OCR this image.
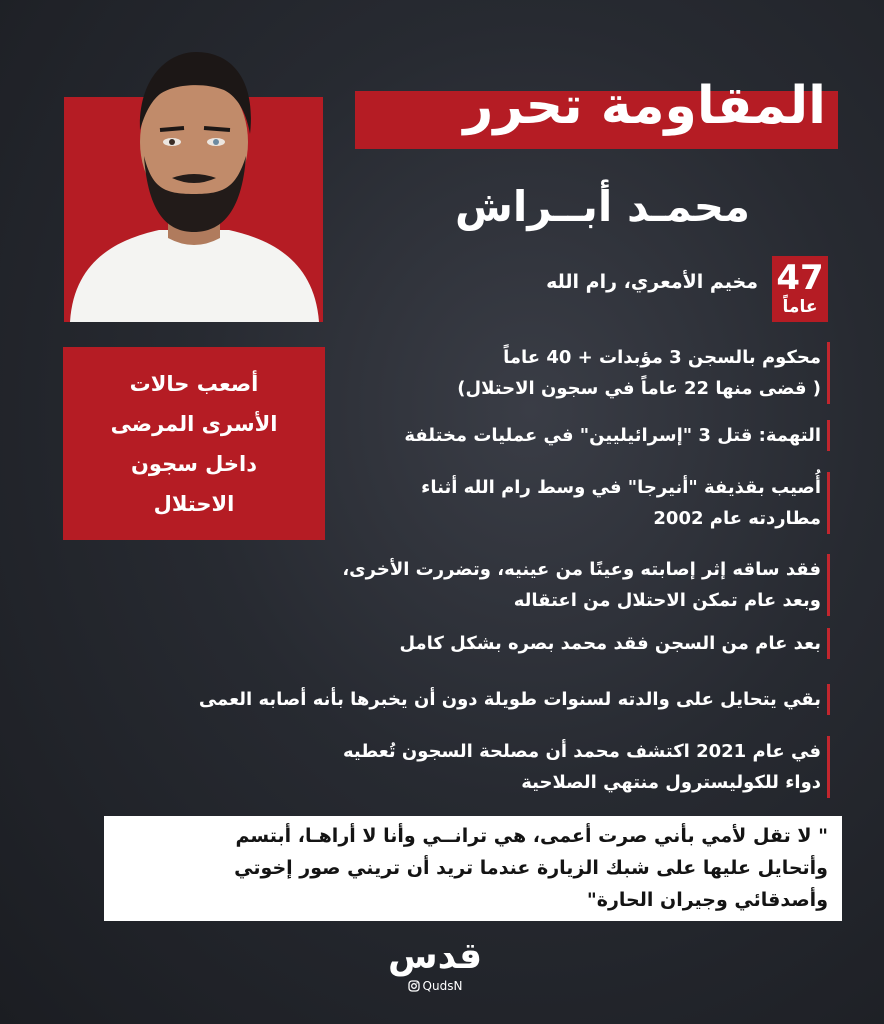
المقاومة تحرر
محمـد أبــراش
47
عاماً
مخيم الأمعري، رام الله
أصعب حالات
الأسرى المرضى
داخل سجون
الاحتلال

محكوم بالسجن 3 مؤبدات + 40 عاماً

( قضى منها 22 عاماً في سجون الاحتلال)

التهمة: قتل 3 "إسرائيليين" في عمليات مختلفة

أُصيب بقذيفة "أنيرجا" في وسط رام الله أثناء

مطاردته عام 2002

فقد ساقه إثر إصابته وعينًا من عينيه، وتضررت الأخرى،

وبعد عام تمكن الاحتلال من اعتقاله

بعد عام من السجن فقد محمد بصره بشكل كامل

بقي يتحايل على والدته لسنوات طويلة دون أن يخبرها بأنه أصابه العمى

في عام 2021 اكتشف محمد أن مصلحة السجون تُعطيه

دواء للكوليسترول منتهي الصلاحية

" لا تقل لأمي بأني صرت أعمى، هي ترانــي وأنا لا أراهـا، أبتسم
وأتحايل عليها على شبك الزيارة عندما تريد أن تريني صور إخوتي
وأصدقائي وجيران الحارة"
قدس
QudsN
